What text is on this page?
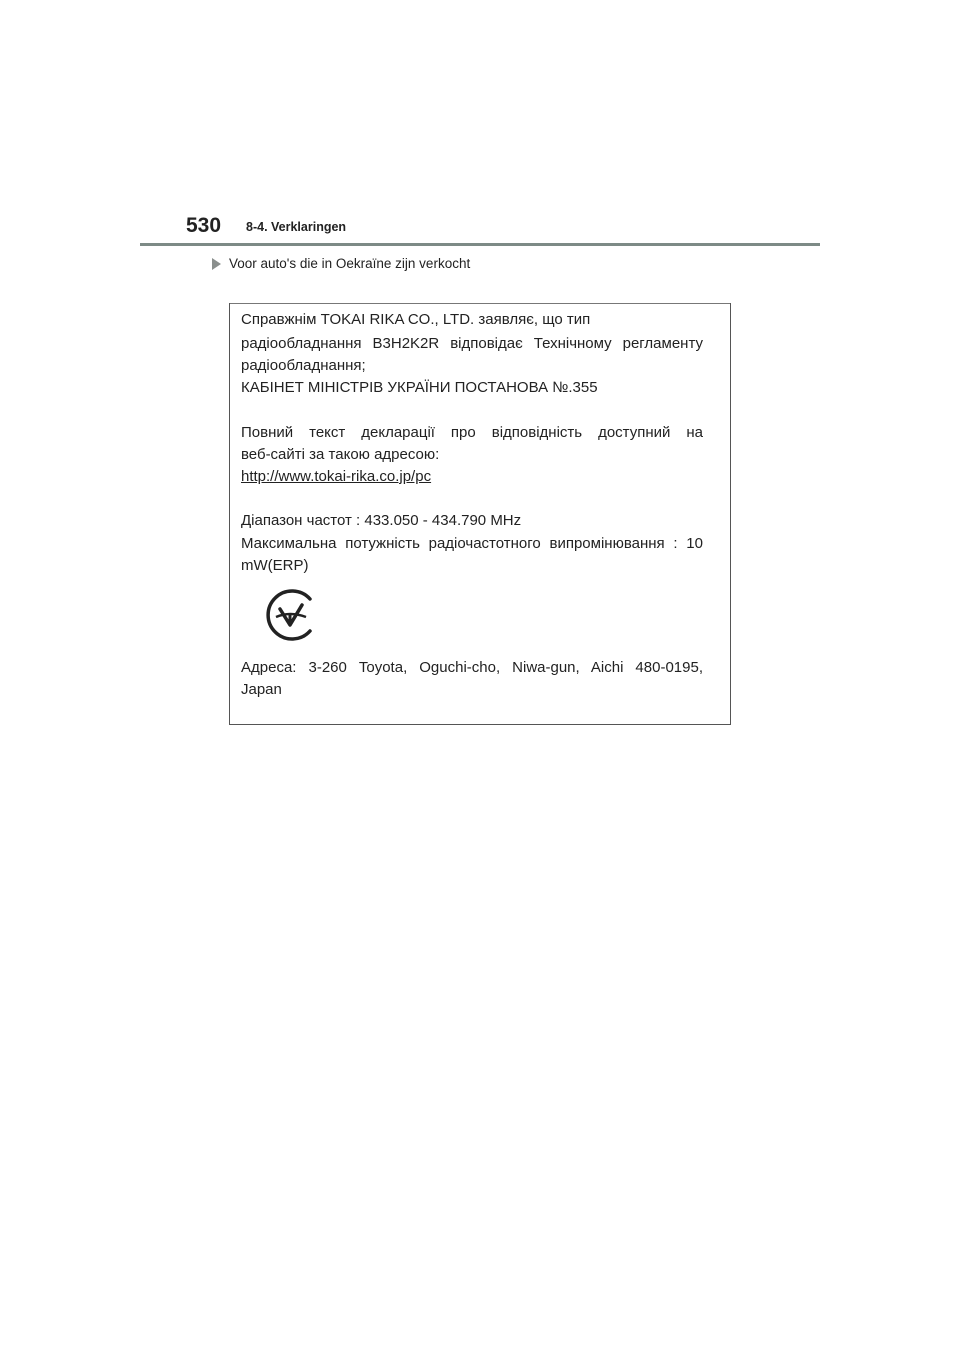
530 8-4. Verklaringen
Voor auto's die in Oekraïne zijn verkocht

Справжнім TOKAI RIKA CO., LTD. заявляє, що тип

радіообладнання B3H2K2R відповідає Технічному регламенту

радіообладнання;

КАБІНЕТ МІНІСТРІВ УКРАЇНИ ПОСТАНОВА №.355

Повний текст декларації про відповідність доступний на

веб-сайті за такою адресою:

http://www.tokai-rika.co.jp/pc

Діапазон частот : 433.050 - 434.790 MHz

Максимальна потужність радіочастотного випромінювання : 10

mW(ERP)

Адреса: 3-260 Toyota, Oguchi-cho, Niwa-gun, Aichi 480-0195,

Japan
